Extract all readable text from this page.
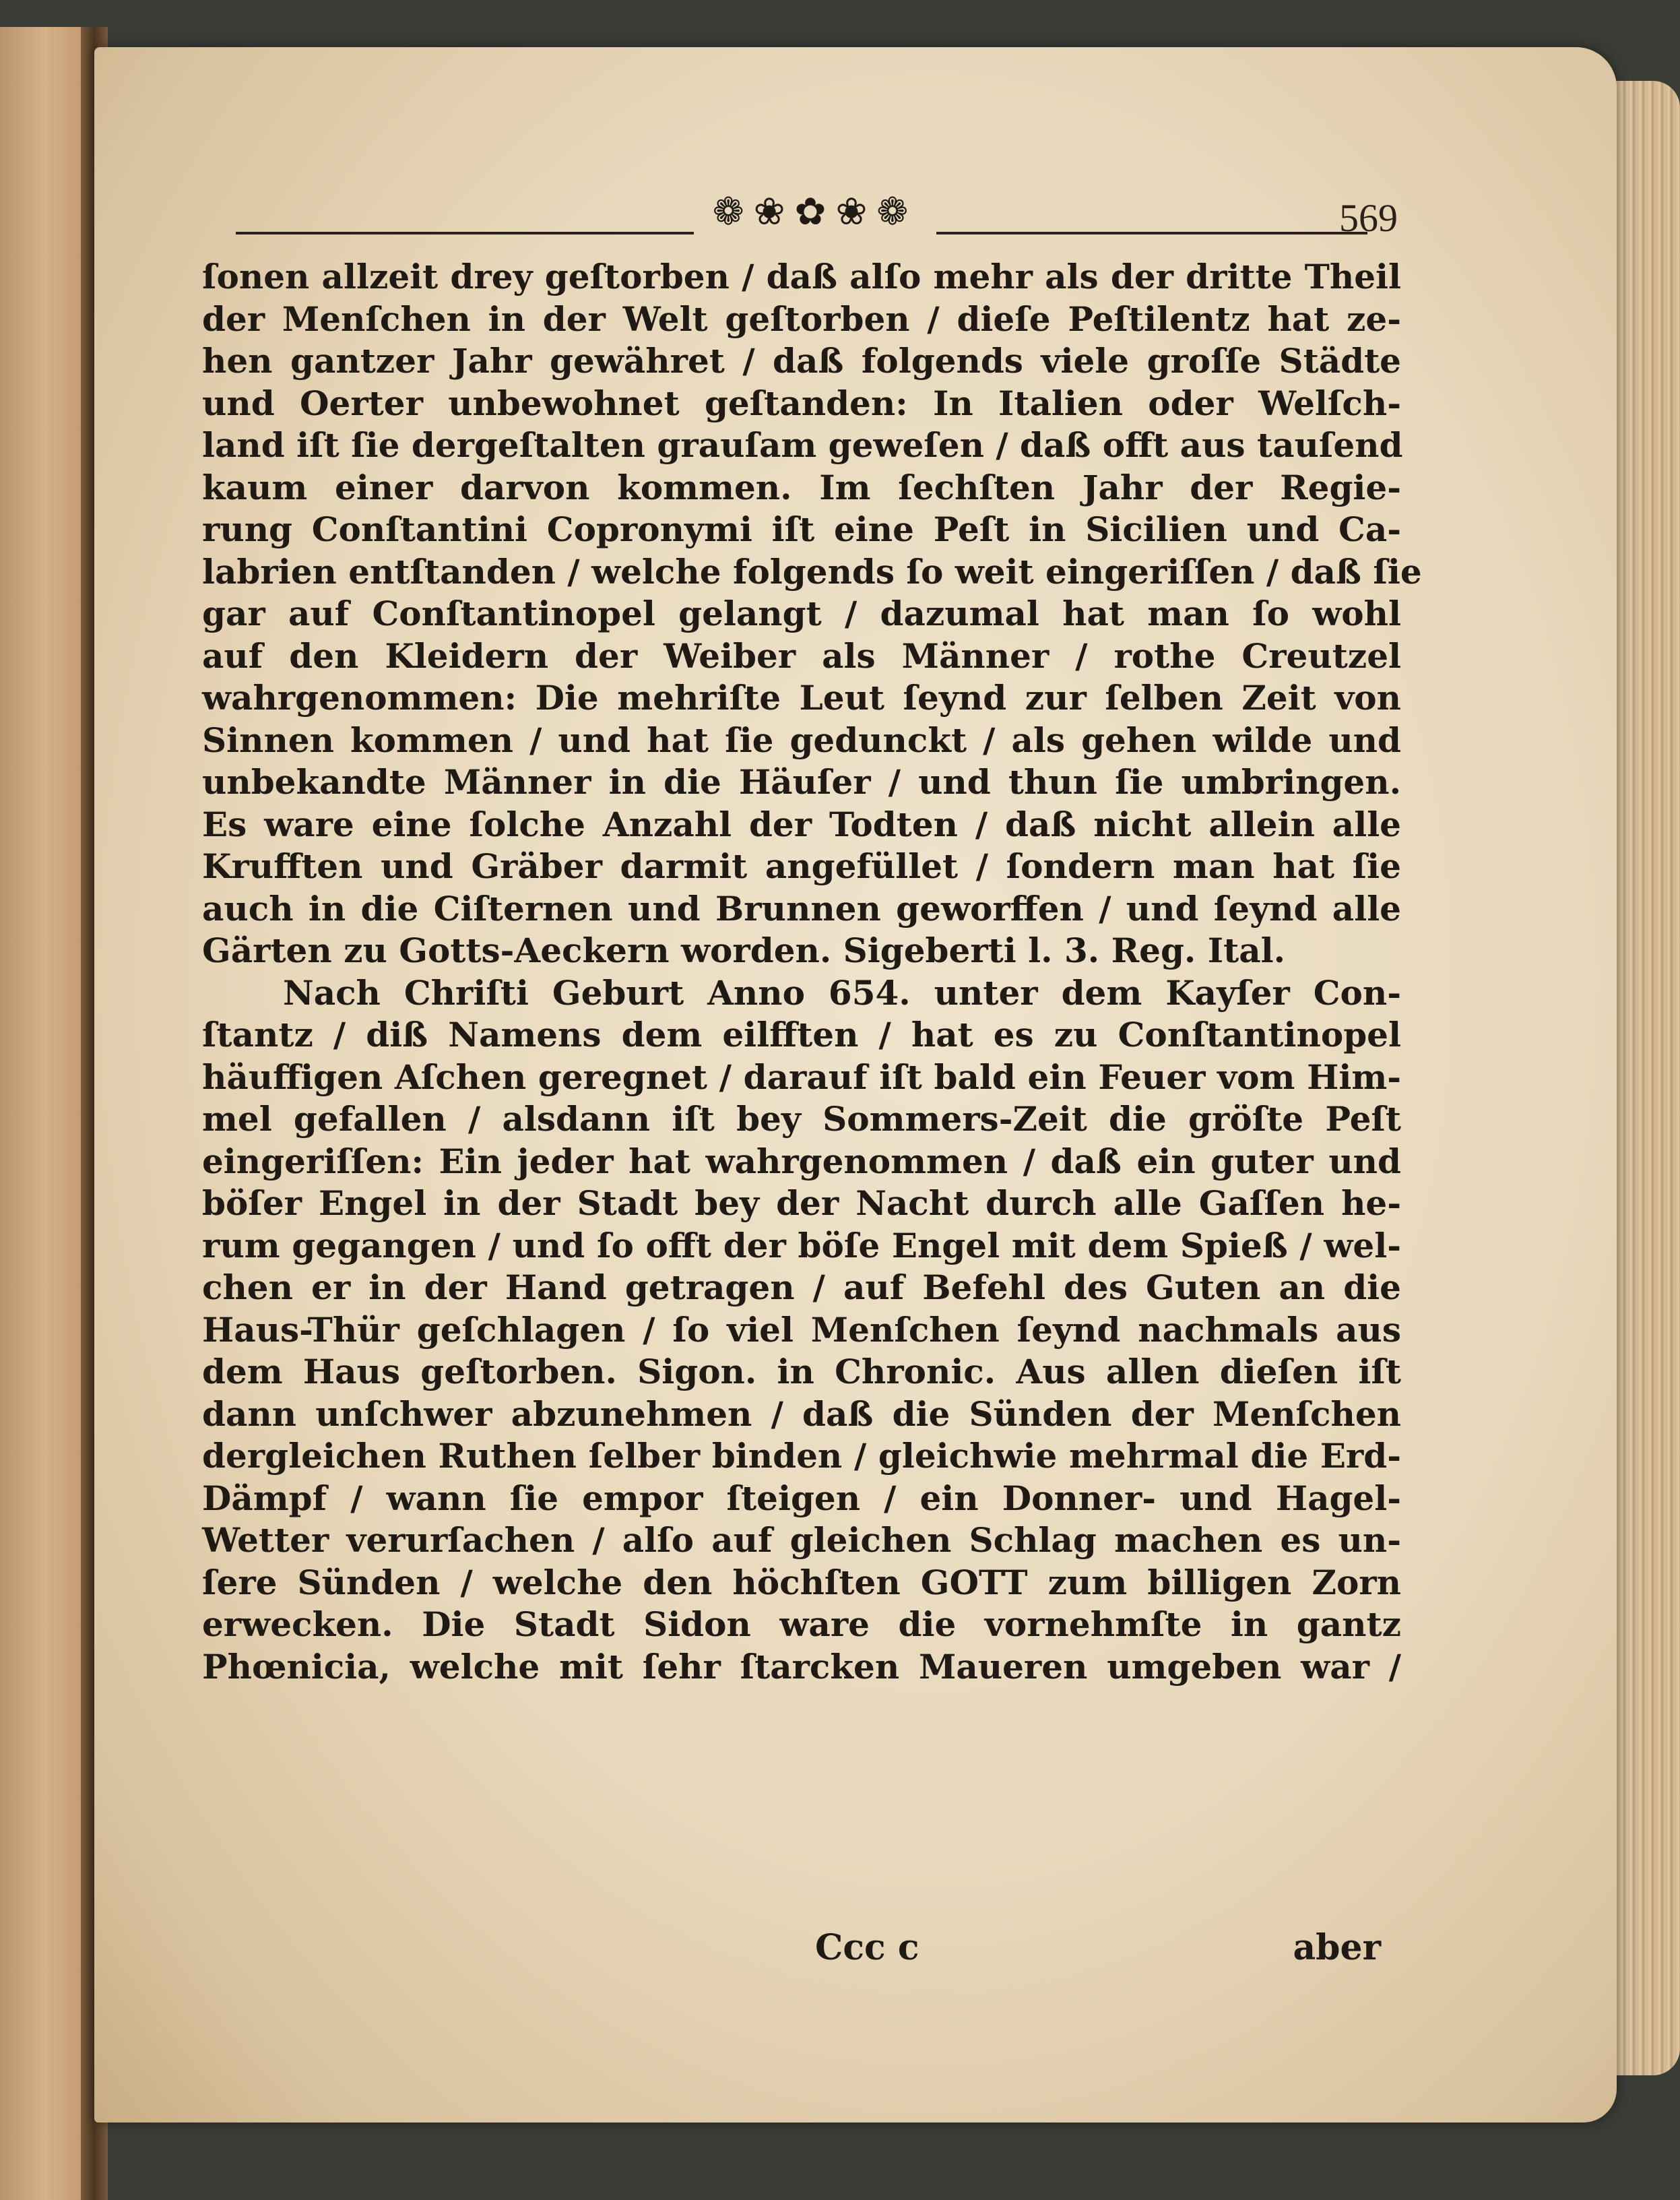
❁❀✿❀❁	569
ſonen allzeit drey geſtorben / daß alſo mehr als der dritte Theil
der Menſchen in der Welt geſtorben / dieſe Peſtilentz hat ze-
hen gantzer Jahr gewähret / daß folgends viele groſſe Städte
und Oerter unbewohnet geſtanden: In Italien oder Welſch-
land iſt ſie dergeſtalten grauſam geweſen / daß offt aus tauſend
kaum einer darvon kommen. Im ſechſten Jahr der Regie-
rung Conſtantini Copronymi iſt eine Peſt in Sicilien und Ca-
labrien entſtanden / welche folgends ſo weit eingeriſſen / daß ſie
gar auf Conſtantinopel gelangt / dazumal hat man ſo wohl
auf den Kleidern der Weiber als Männer / rothe Creutzel
wahrgenommen: Die mehriſte Leut ſeynd zur ſelben Zeit von
Sinnen kommen / und hat ſie gedunckt / als gehen wilde und
unbekandte Männer in die Häuſer / und thun ſie umbringen.
Es ware eine ſolche Anzahl der Todten / daß nicht allein alle
Krufften und Gräber darmit angefüllet / ſondern man hat ſie
auch in die Ciſternen und Brunnen geworffen / und ſeynd alle
Gärten zu Gotts-Aeckern worden. Sigeberti l. 3. Reg. Ital.
Nach Chriſti Geburt Anno 654. unter dem Kayſer Con-
ſtantz / diß Namens dem eilfften / hat es zu Conſtantinopel
häuffigen Aſchen geregnet / darauf iſt bald ein Feuer vom Him-
mel gefallen / alsdann iſt bey Sommers-Zeit die gröſte Peſt
eingeriſſen: Ein jeder hat wahrgenommen / daß ein guter und
böſer Engel in der Stadt bey der Nacht durch alle Gaſſen he-
rum gegangen / und ſo offt der böſe Engel mit dem Spieß / wel-
chen er in der Hand getragen / auf Befehl des Guten an die
Haus-Thür geſchlagen / ſo viel Menſchen ſeynd nachmals aus
dem Haus geſtorben. Sigon. in Chronic. Aus allen dieſen iſt
dann unſchwer abzunehmen / daß die Sünden der Menſchen
dergleichen Ruthen ſelber binden / gleichwie mehrmal die Erd-
Dämpf / wann ſie empor ſteigen / ein Donner- und Hagel-
Wetter verurſachen / alſo auf gleichen Schlag machen es un-
ſere Sünden / welche den höchſten GOTT zum billigen Zorn
erwecken. Die Stadt Sidon ware die vornehmſte in gantz
Phœnicia, welche mit ſehr ſtarcken Maueren umgeben war /
Ccc c	aber
